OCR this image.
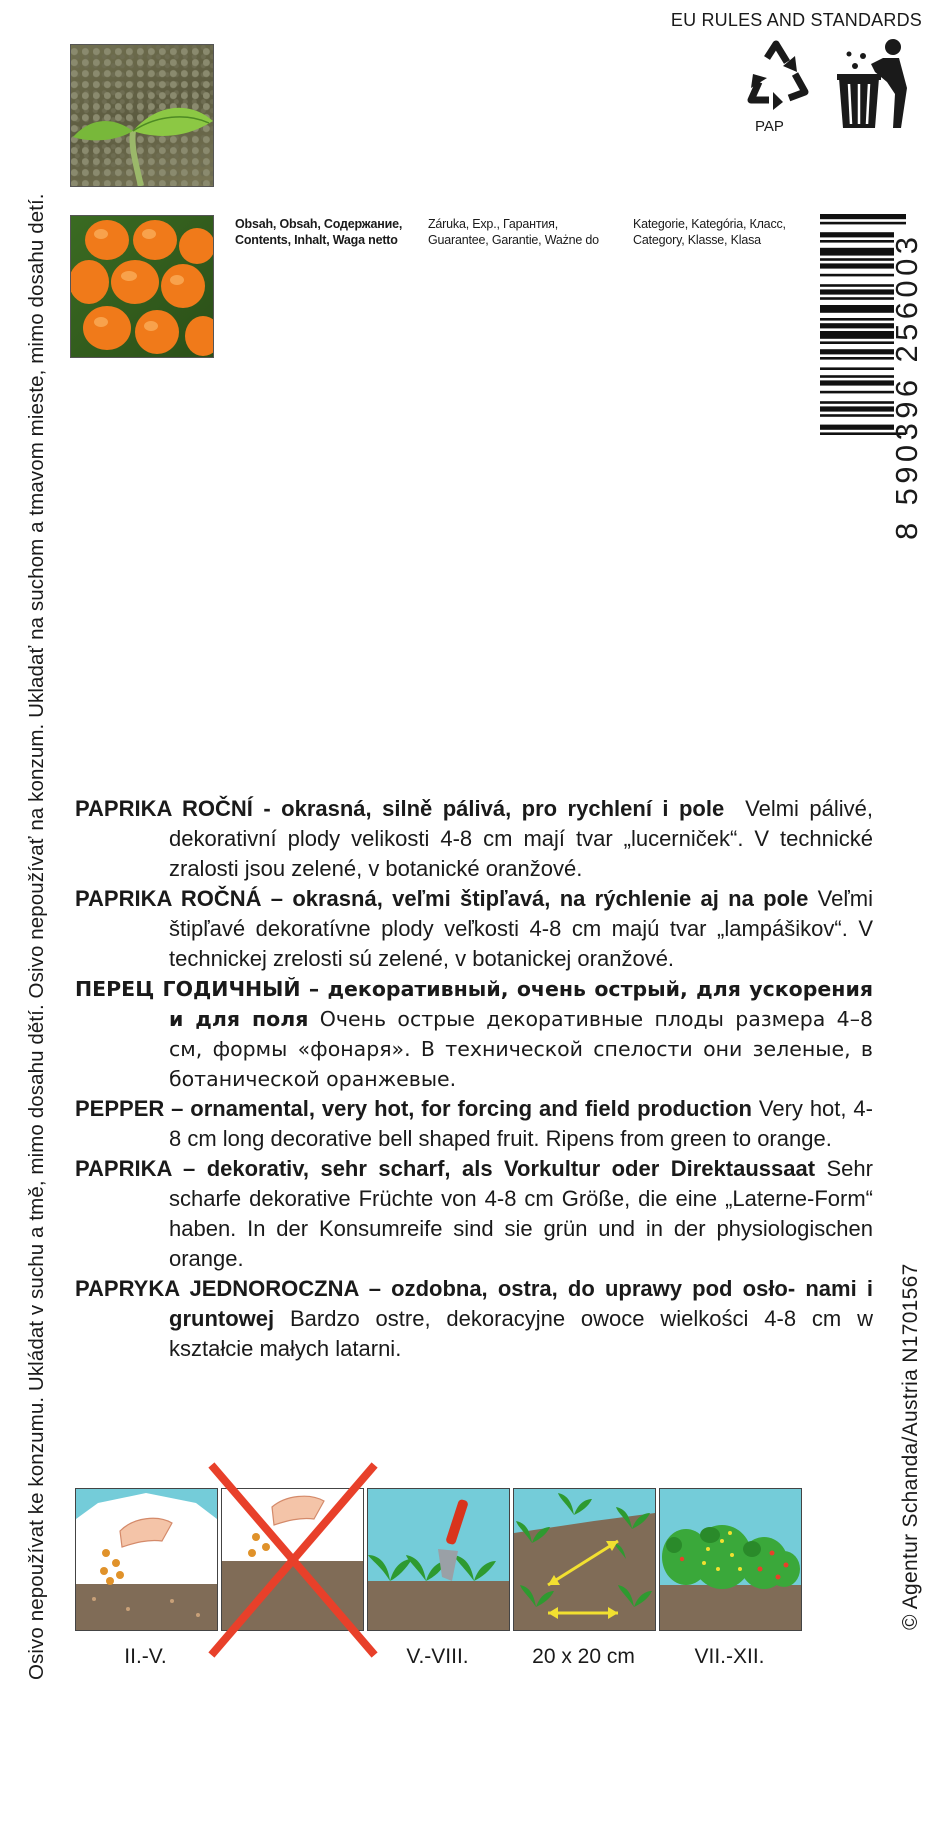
Osivo nepoužívat ke konzumu. Ukládat v suchu a tmě, mimo dosahu dětí. Osivo nepoužívať na konzum. Ukladať na suchom a tmavom mieste, mimo dosahu detí.	© Agentur Schanda/Austria N1701567
EU RULES AND STANDARDS
PAP
Obsah, Obsah, Содержание,
Contents, Inhalt, Waga netto
Záruka, Exp., Гарантия,
Guarantee, Garantie, Ważne do
Kategorie, Kategória, Класс,
Category, Klasse, Klasa	8 590396 256003

PAPRIKA ROČNÍ - okrasná, silně pálivá, pro rychlení i pole Velmi pálivé, dekorativní plody velikosti 4-8 cm mají tvar „lucerniček“. V technické zralosti jsou zelené, v botanické oranžové.

PAPRIKA ROČNÁ – okrasná, veľmi štipľavá, na rýchlenie aj na pole Veľmi štipľavé dekoratívne plody veľkosti 4-8 cm majú tvar „lampášikov“. V technickej zrelosti sú zelené, v botanickej oranžové.

ПЕРЕЦ ГОДИЧНЫЙ – декоративный, очень острый, для ускорения и для поля Очень острые декоративные плоды размера 4–8 см, формы «фонаря». В технической спелости они зеленые, в ботанической оранжевые.

PEPPER – ornamental, very hot, for forcing and field production Very hot, 4-8 cm long decorative bell shaped fruit. Ripens from green to orange.

PAPRIKA – dekorativ, sehr scharf, als Vorkultur oder Direktaussaat Sehr scharfe dekorative Früchte von 4-8 cm Größe, die eine „Laterne-Form“ haben. In der Konsumreife sind sie grün und in der physiologischen orange.

PAPRYKA JEDNOROCZNA – ozdobna, ostra, do uprawy pod osło- nami i gruntowej Bardzo ostre, dekoracyjne owoce wielkości 4-8 cm w kształcie małych latarni.

II.-V.	V.-VIII.	20 x 20 cm	VII.-XII.
